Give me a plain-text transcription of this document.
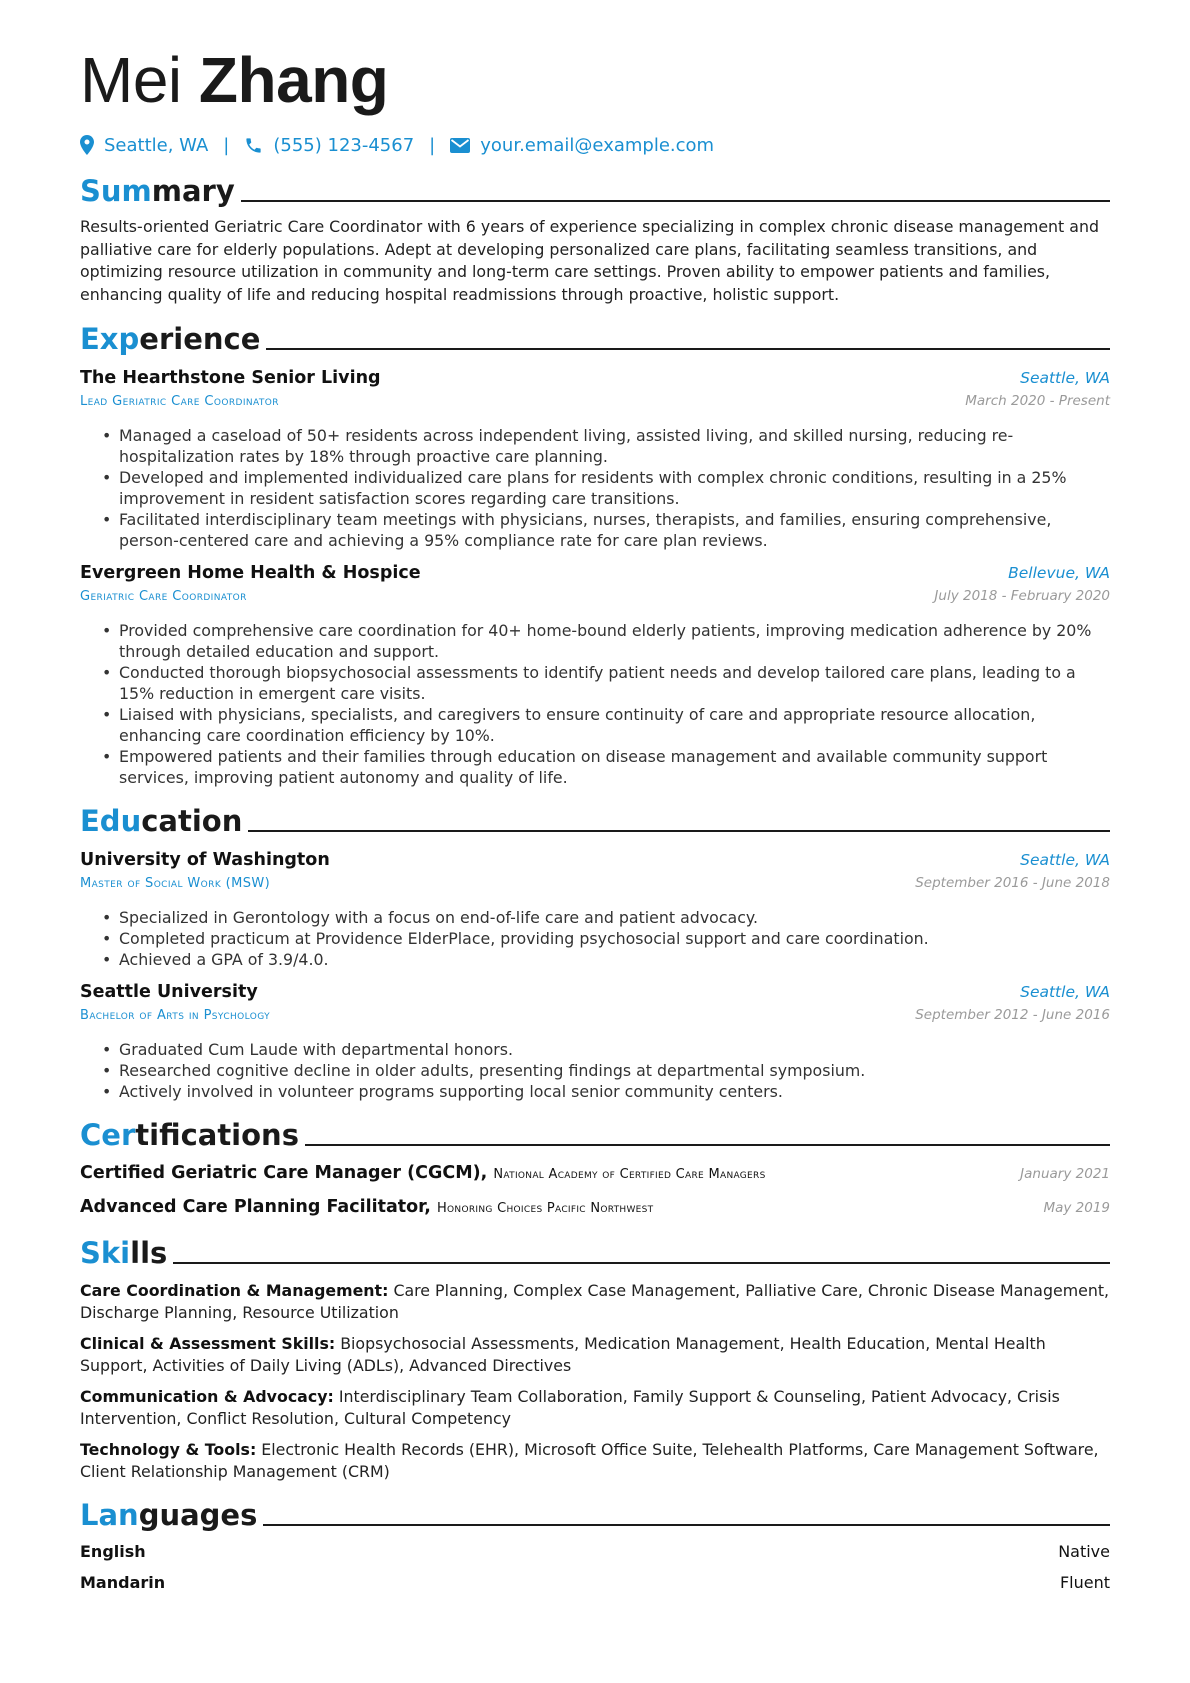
Mei Zhang
Seattle, WA | (555) 123-4567 |	your.email@example.com
Summary
Results-oriented Geriatric Care Coordinator with 6 years of experience specializing in complex chronic disease management and palliative care for elderly populations. Adept at developing personalized care plans, facilitating seamless transitions, and optimizing resource utilization in community and long-term care settings. Proven ability to empower patients and families, enhancing quality of life and reducing hospital readmissions through proactive, holistic support.
Experience
The Hearthstone Senior Living	Seattle, WA
Lead Geriatric Care Coordinator	March 2020 - Present
• Managed a caseload of 50+ residents across independent living, assisted living, and skilled nursing, reducing re-hospitalization rates by 18% through proactive care planning.
• Developed and implemented individualized care plans for residents with complex chronic conditions, resulting in a 25% improvement in resident satisfaction scores regarding care transitions.
• Facilitated interdisciplinary team meetings with physicians, nurses, therapists, and families, ensuring comprehensive, person-centered care and achieving a 95% compliance rate for care plan reviews.
Evergreen Home Health & Hospice	Bellevue, WA
Geriatric Care Coordinator	July 2018 - February 2020
• Provided comprehensive care coordination for 40+ home-bound elderly patients, improving medication adherence by 20% through detailed education and support.
• Conducted thorough biopsychosocial assessments to identify patient needs and develop tailored care plans, leading to a 15% reduction in emergent care visits.
• Liaised with physicians, specialists, and caregivers to ensure continuity of care and appropriate resource allocation, enhancing care coordination efficiency by 10%.
• Empowered patients and their families through education on disease management and available community support services, improving patient autonomy and quality of life.
Education
University of Washington	Seattle, WA
Master of Social Work (MSW)	September 2016 - June 2018
• Specialized in Gerontology with a focus on end-of-life care and patient advocacy.
• Completed practicum at Providence ElderPlace, providing psychosocial support and care coordination.
• Achieved a GPA of 3.9/4.0.
Seattle University	Seattle, WA
Bachelor of Arts in Psychology	September 2012 - June 2016
• Graduated Cum Laude with departmental honors.
• Researched cognitive decline in older adults, presenting findings at departmental symposium.
• Actively involved in volunteer programs supporting local senior community centers.
Certifications
Certified Geriatric Care Manager (CGCM), National Academy of Certified Care Managers	January 2021
Advanced Care Planning Facilitator, Honoring Choices Pacific Northwest	May 2019
Skills
Care Coordination & Management: Care Planning, Complex Case Management, Palliative Care, Chronic Disease Management, Discharge Planning, Resource Utilization
Clinical & Assessment Skills: Biopsychosocial Assessments, Medication Management, Health Education, Mental Health Support, Activities of Daily Living (ADLs), Advanced Directives
Communication & Advocacy: Interdisciplinary Team Collaboration, Family Support & Counseling, Patient Advocacy, Crisis Intervention, Conflict Resolution, Cultural Competency
Technology & Tools: Electronic Health Records (EHR), Microsoft Office Suite, Telehealth Platforms, Care Management Software, Client Relationship Management (CRM)
Languages
English	Native
Mandarin	Fluent
